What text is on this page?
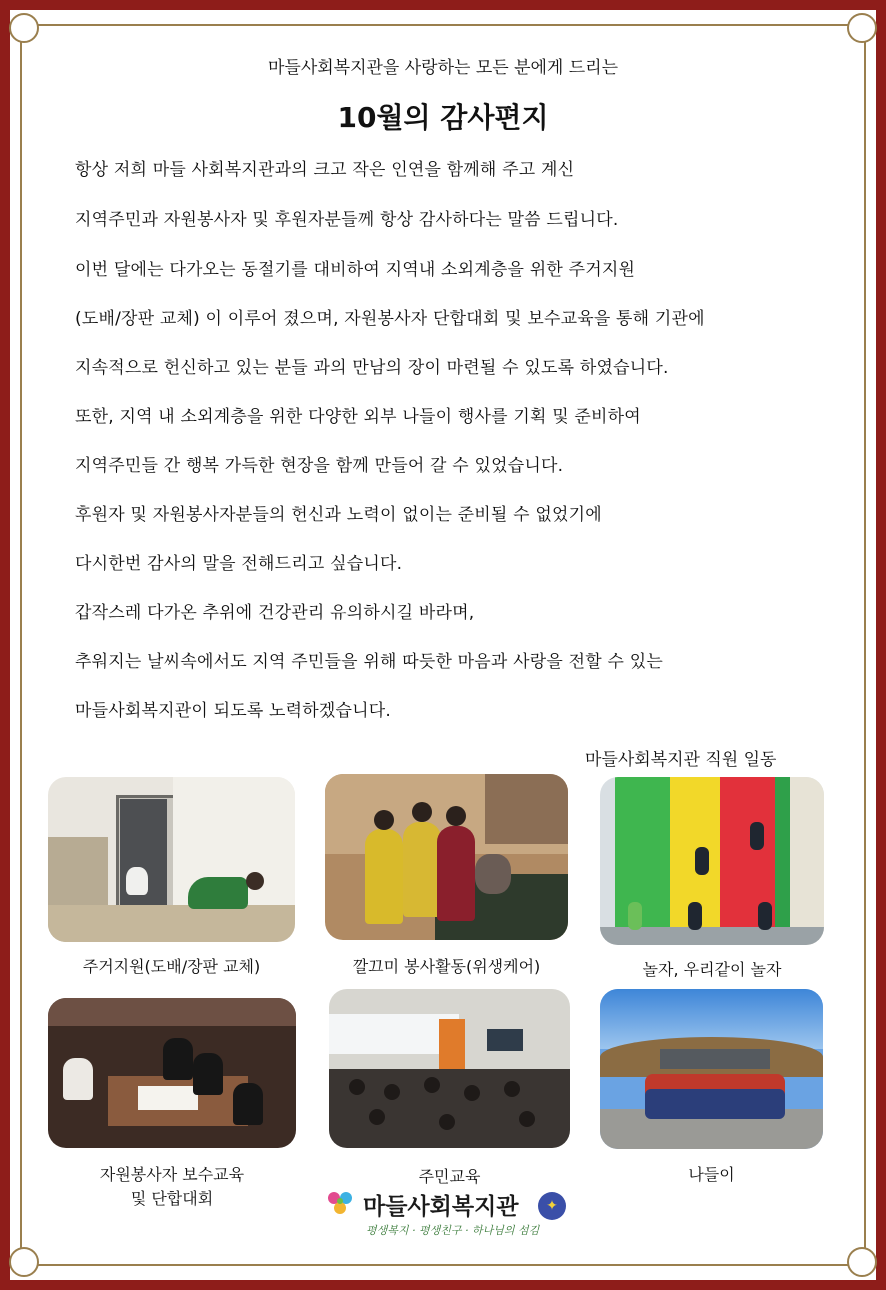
마들사회복지관을 사랑하는 모든 분에게 드리는
10월의 감사편지
항상 저희 마들 사회복지관과의 크고 작은 인연을 함께해 주고 계신
지역주민과 자원봉사자 및 후원자분들께 항상 감사하다는 말씀 드립니다.
이번 달에는 다가오는 동절기를 대비하여 지역내 소외계층을 위한 주거지원
(도배/장판 교체) 이 이루어 졌으며, 자원봉사자 단합대회 및 보수교육을 통해 기관에
지속적으로 헌신하고 있는 분들 과의 만남의 장이 마련될 수 있도록 하였습니다.
또한, 지역 내 소외계층을 위한 다양한 외부 나들이 행사를 기획 및 준비하여
지역주민들 간 행복 가득한 현장을 함께 만들어 갈 수 있었습니다.
후원자 및 자원봉사자분들의 헌신과 노력이 없이는 준비될 수 없었기에
다시한번 감사의 말을 전해드리고 싶습니다.
갑작스레 다가온 추위에 건강관리 유의하시길 바라며,
추워지는 날씨속에서도 지역 주민들을 위해 따듯한 마음과 사랑을 전할 수 있는
마들사회복지관이 되도록 노력하겠습니다.
마들사회복지관 직원 일동
주거지원(도배/장판 교체)	깔끄미 봉사활동(위생케어)	놀자, 우리같이 놀자
자원봉사자 보수교육
및 단합대회
주민교육	나들이
마들사회복지관
평생복지 · 평생친구 · 하나님의 섬김
✦
